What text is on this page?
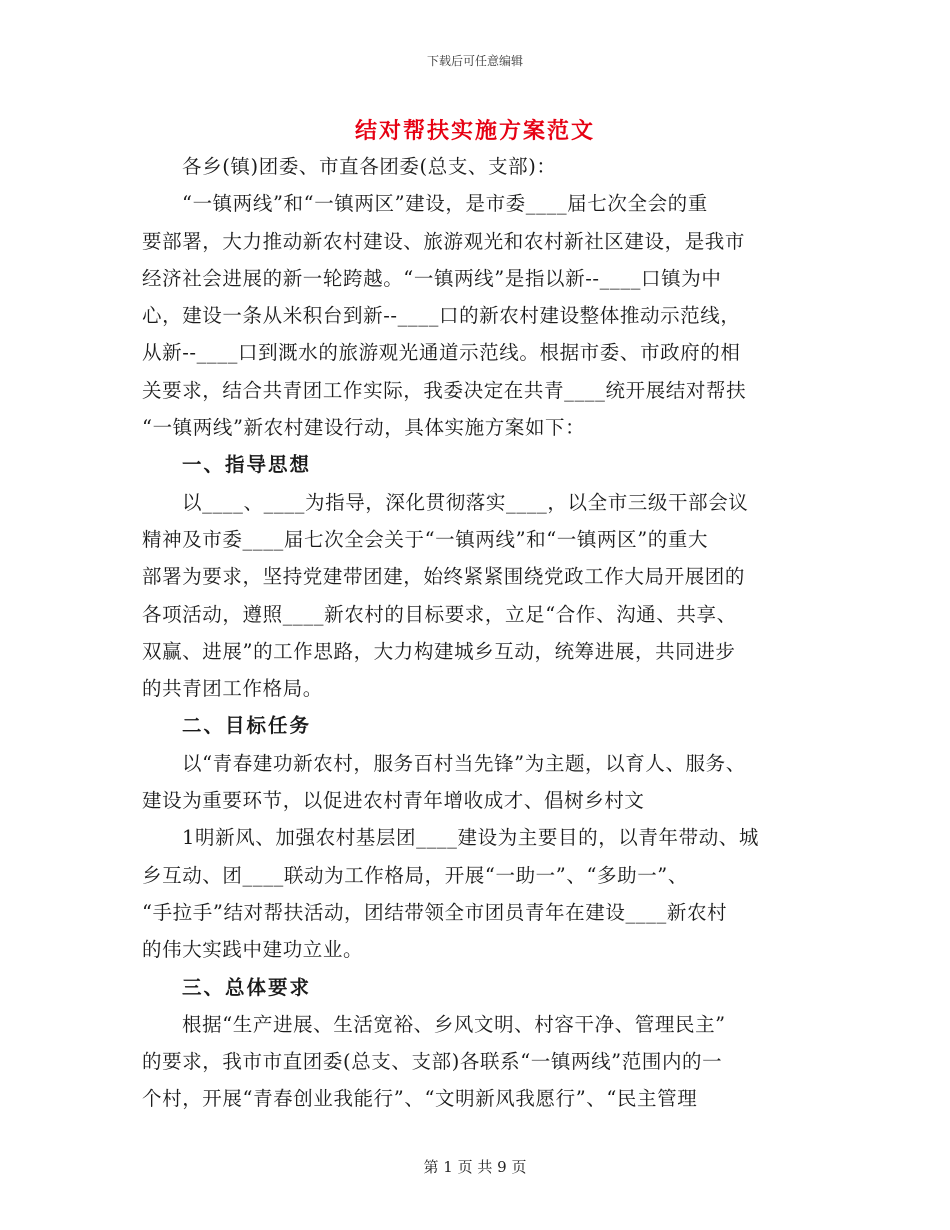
下载后可任意编辑
结对帮扶实施方案范文
各乡(镇)团委、市直各团委(总支、支部)：
“一镇两线”和“一镇两区”建设，是市委____届七次全会的重
要部署，大力推动新农村建设、旅游观光和农村新社区建设，是我市
经济社会进展的新一轮跨越。“一镇两线”是指以新--____口镇为中
心，建设一条从米积台到新--____口的新农村建设整体推动示范线，
从新--____口到溉水的旅游观光通道示范线。根据市委、市政府的相
关要求，结合共青团工作实际，我委决定在共青____统开展结对帮扶
“一镇两线”新农村建设行动，具体实施方案如下：
一、指导思想
以____、____为指导，深化贯彻落实____，以全市三级干部会议
精神及市委____届七次全会关于“一镇两线”和“一镇两区”的重大
部署为要求，坚持党建带团建，始终紧紧围绕党政工作大局开展团的
各项活动，遵照____新农村的目标要求，立足“合作、沟通、共享、
双赢、进展”的工作思路，大力构建城乡互动，统筹进展，共同进步
的共青团工作格局。
二、目标任务
以“青春建功新农村，服务百村当先锋”为主题，以育人、服务、
建设为重要环节，以促进农村青年增收成才、倡树乡村文
1明新风、加强农村基层团____建设为主要目的，以青年带动、城
乡互动、团____联动为工作格局，开展“一助一”、“多助一”、
“手拉手”结对帮扶活动，团结带领全市团员青年在建设____新农村
的伟大实践中建功立业。
三、总体要求
根据“生产进展、生活宽裕、乡风文明、村容干净、管理民主”
的要求，我市市直团委(总支、支部)各联系“一镇两线”范围内的一
个村，开展“青春创业我能行”、“文明新风我愿行”、“民主管理
第 1 页 共 9 页
